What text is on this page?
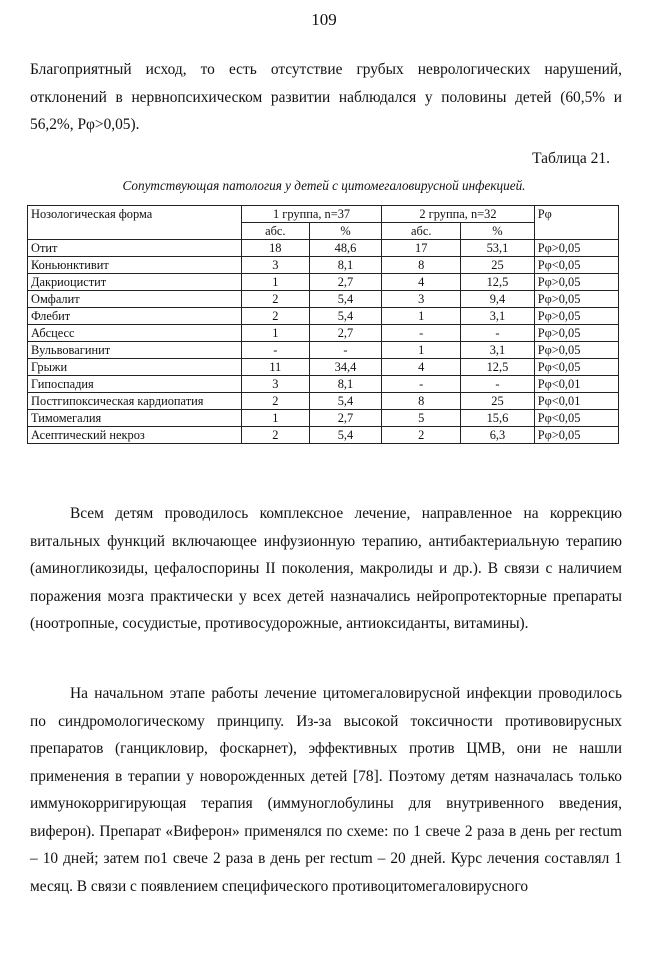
109
Благоприятный исход, то есть отсутствие грубых неврологических нарушений, отклонений в нервнопсихическом развитии наблюдался у половины детей (60,5% и 56,2%, Рφ>0,05).
Таблица 21.
Сопутствующая патология у детей с цитомегаловирусной инфекцией.
Нозологическая форма	1 группа, n=37		2 группа, n=32		Рφ
	абс.	%	абс.	%	
Отит	18	48,6	17	53,1	Рφ>0,05
Коньюнктивит	3	8,1	8	25	Рφ<0,05
Дакриоцистит	1	2,7	4	12,5	Рφ>0,05
Омфалит	2	5,4	3	9,4	Рφ>0,05
Флебит	2	5,4	1	3,1	Рφ>0,05
Абсцесс	1	2,7	-	-	Рφ>0,05
Вульвовагинит	-	-	1	3,1	Рφ>0,05
Грыжи	11	34,4	4	12,5	Рφ<0,05
Гипоспадия	3	8,1	-	-	Рφ<0,01
Постгипоксическая кардиопатия	2	5,4	8	25	Рφ<0,01
Тимомегалия	1	2,7	5	15,6	Рφ<0,05
Асептический некроз	2	5,4	2	6,3	Рφ>0,05
Всем детям проводилось комплексное лечение, направленное на коррекцию витальных функций включающее инфузионную терапию, антибактериальную терапию (аминогликозиды, цефалоспорины II поколения, макролиды и др.). В связи с наличием поражения мозга практически у всех детей назначались нейропротекторные препараты (ноотропные, сосудистые, противосудорожные, антиоксиданты, витамины).
На начальном этапе работы лечение цитомегаловирусной инфекции проводилось по синдромологическому принципу. Из-за высокой токсичности противовирусных препаратов (ганцикловир, фоскарнет), эффективных против ЦМВ, они не нашли применения в терапии у новорожденных детей [78]. Поэтому детям назначалась только иммунокорригирующая терапия (иммуноглобулины для внутривенного введения, виферон). Препарат «Виферон» применялся по схеме: по 1 свече 2 раза в день per rectum – 10 дней; затем по1 свече 2 раза в день per rectum – 20 дней. Курс лечения составлял 1 месяц. В связи с появлением специфического противоцитомегаловирусного
